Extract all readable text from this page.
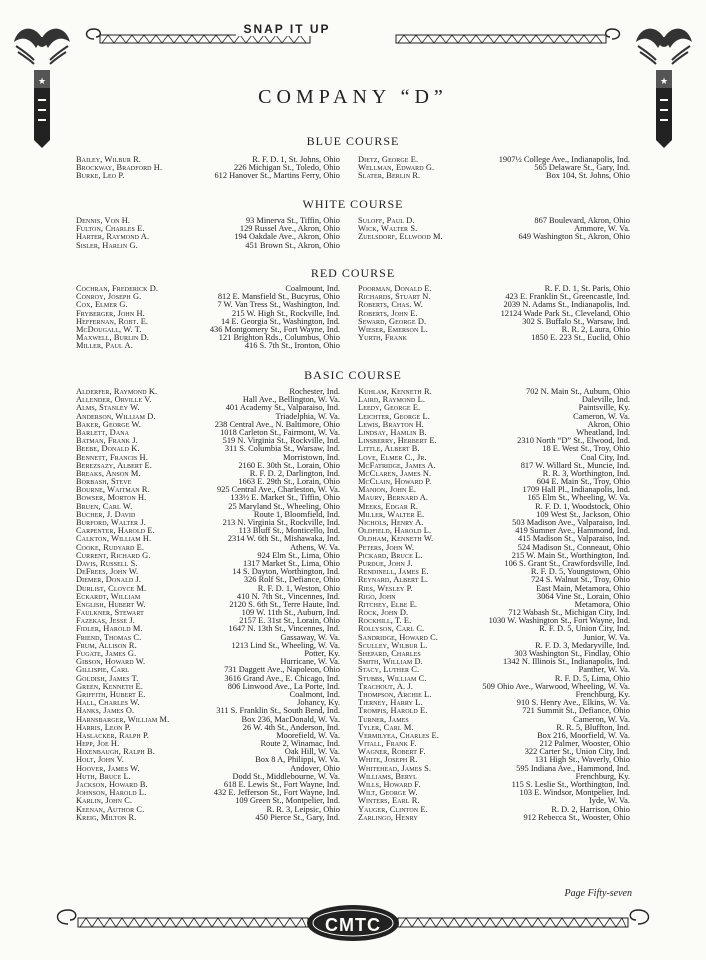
SNAP IT UP
★	★
COMPANY “D”
BLUE COURSE
WHITE COURSE
RED COURSE
BASIC COURSE
Bailey, Wilbur R.	R. F. D. 1, St. Johns, Ohio
Brockway, Bradford H.	226 Michigan St., Toledo, Ohio
Burke, Leo P.	612 Hanover St., Martins Ferry, Ohio
Dietz, George E.	1907½ College Ave., Indianapolis, Ind.
Wellman, Edward G.	565 Delaware St., Gary, Ind.
Slater, Berlin R.	Box 104, St. Johns, Ohio
Dennis, Von H.	93 Minerva St., Tiffin, Ohio
Fulton, Charles E.	129 Russel Ave., Akron, Ohio
Harter, Raymond A.	194 Oakdale Ave., Akron, Ohio
Sisler, Harlin G.	451 Brown St., Akron, Ohio
Suloff, Paul D.	867 Boulevard, Akron, Ohio
Wick, Walter S.	Ammore, W. Va.
Zuelsdorf, Ellwood M.	649 Washington St., Akron, Ohio
Cochran, Frederick D.	Coalmount, Ind.
Conroy, Joseph G.	812 E. Mansfield St., Bucyrus, Ohio
Cox, Elmer G.	7 W. Van Tress St., Washington, Ind.
Fryberger, John H.	215 W. High St., Rockville, Ind.
Heffernan, Robt. E.	14 E. Georgia St., Washington, Ind.
McDougall, W. T.	436 Montgomery St., Fort Wayne, Ind.
Maxwell, Burlin D.	121 Brighton Rds., Columbus, Ohio
Miller, Paul A.	416 S. 7th St., Ironton, Ohio
Poorman, Donald E.	R. F. D. 1, St. Paris, Ohio
Richards, Stuart N.	423 E. Franklin St., Greencastle, Ind.
Roberts, Chas. W.	2039 N. Adams St., Indianapolis, Ind.
Roberts, John E.	12124 Wade Park St., Cleveland, Ohio
Seward, George D.	302 S. Buffalo St., Warsaw, Ind.
Wieser, Emerson L.	R. R. 2, Laura, Ohio
Yurth, Frank	1850 E. 223 St., Euclid, Ohio
Alderfer, Raymond K.	Rochester, Ind.
Allender, Orville V.	Hall Ave., Bellington, W. Va.
Alms, Stanley W.	401 Academy St., Valparaiso, Ind.
Anderson, William D.	Triadelphia, W. Va.
Baker, George W.	238 Central Ave., N. Baltimore, Ohio
Barlett, Dana	1018 Carleton St., Fairmont, W. Va.
Batman, Frank J.	519 N. Virginia St., Rockville, Ind.
Beebe, Donald K.	311 S. Columbia St., Warsaw, Ind.
Bennett, Francis H.	Morristown, Ind.
Berezsazy, Albert E.	2160 E. 30th St., Lorain, Ohio
Breaks, Anson M.	R. F. D. 2, Darlington, Ind.
Borbash, Steve	1663 E. 29th St., Lorain, Ohio
Bourne, Waitman R.	925 Central Ave., Charleston, W. Va.
Bowser, Morton H.	133½ E. Market St., Tiffin, Ohio
Bruen, Carl W.	25 Maryland St., Wheeling, Ohio
Bucher, J. David	Route 1, Bloomfield, Ind.
Burford, Walter J.	213 N. Virginia St., Rockville, Ind.
Carpenter, Harold E.	113 Bluff St., Monticello, Ind.
Calkton, William H.	2314 W. 6th St., Mishawaka, Ind.
Cooke, Rudyard E.	Athens, W. Va.
Current, Richard G.	924 Elm St., Lima, Ohio
Davis, Russell S.	1317 Market St., Lima, Ohio
DeFrees, John W.	14 S. Dayton, Worthington, Ind.
Diemer, Donald J.	326 Rolf St., Defiance, Ohio
Durlist, Cloyce M.	R. F. D. 1, Weston, Ohio
Eckardt, William	410 N. 7th St., Vincennes, Ind.
English, Hubert W.	2120 S. 6th St., Terre Haute, Ind.
Faulkner, Stewart	109 W. 11th St., Auburn, Ind.
Fazekas, Jesse J.	2157 E. 31st St., Lorain, Ohio
Fidler, Harold M.	1647 N. 13th St., Vincennes, Ind.
Friend, Thomas C.	Gassaway, W. Va.
Frum, Allison R.	1213 Lind St., Wheeling, W. Va.
Fugate, James G.	Potter, Ky.
Gibson, Howard W.	Hurricane, W. Va.
Gillispie, Carl	731 Daggett Ave., Napoleon, Ohio
Goldish, James T.	3616 Grand Ave., E. Chicago, Ind.
Green, Kenneth E.	806 Linwood Ave., La Porte, Ind.
Griffith, Hubert E.	Coalmont, Ind.
Hall, Charles W.	Johancy, Ky.
Hanks, James O.	311 S. Franklin St., South Bend, Ind.
Harnsbarger, William M.	Box 236, MacDonald, W. Va.
Harris, Leon P.	26 W. 4th St., Anderson, Ind.
Haslacker, Ralph P.	Moorefield, W. Va.
Hepp, Joe H.	Route 2, Winamac, Ind.
Hixenbaugh, Ralph B.	Oak Hill, W. Va.
Holt, John V.	Box 8 A, Philippi, W. Va.
Hoover, James W.	Andover, Ohio
Huth, Bruce L.	Dodd St., Middlebourne, W. Va.
Jackson, Howard B.	618 E. Lewis St., Fort Wayne, Ind.
Johnson, Harold L.	432 E. Jefferson St., Fort Wayne, Ind.
Karlin, John C.	109 Green St., Montpelier, Ind.
Keenan, Author C.	R. R. 3, Leipsic, Ohio
Kreig, Milton R.	450 Pierce St., Gary, Ind.
Kuhlam, Kenneth R.	702 N. Main St., Auburn, Ohio
Laird, Raymond L.	Daleville, Ind.
Leedy, George E.	Paintsville, Ky.
Leichter, George L.	Cameron, W. Va.
Lewis, Brayton H.	Akron, Ohio
Lindsay, Hamlin B.	Wheatland, Ind.
Linsberry, Herbert E.	2310 North “D” St., Elwood, Ind.
Little, Albert B.	18 E. West St., Troy, Ohio
Love, Elmer C., Jr.	Coal City, Ind.
McFatridge, James A.	817 W. Willard St., Muncie, Ind.
McClaren, James N.	R. R. 3, Worthington, Ind.
McClain, Howard P.	604 E. Main St., Troy, Ohio
Manion, John E.	1709 Hall Pl., Indianapolis, Ind.
Maury, Bernard A.	165 Elm St., Wheeling, W. Va.
Meeks, Edgar R.	R. F. D. 1, Woodstock, Ohio
Miller, Walter E.	109 West St., Jackson, Ohio
Nichols, Henry A.	503 Madison Ave., Valparaiso, Ind.
Oldfield, Harold L.	419 Sumner Ave., Hammond, Ind.
Oldham, Kenneth W.	415 Madison St., Valparaiso, Ind.
Peters, John W.	524 Madison St., Conneaut, Ohio
Pickard, Bruce L.	215 W. Main St., Worthington, Ind.
Purdue, John J.	106 S. Grant St., Crawfordsville, Ind.
Rendinell, James E.	R. F. D. 5, Youngstown, Ohio
Reynard, Albert L.	724 S. Walnut St., Troy, Ohio
Ries, Wesley P.	East Main, Metamora, Ohio
Rigo, John	3064 Vine St., Lorain, Ohio
Ritchey, Elbe E.	Metamora, Ohio
Rock, John D.	712 Wabash St., Michigan City, Ind.
Rockhill, T. E.	1030 W. Washington St., Fort Wayne, Ind.
Rollyson, Carl C.	R. F. D. 5, Union City, Ind.
Sandridge, Howard C.	Junior, W. Va.
Sculley, Wilbur L.	R. F. D. 3, Medaryville, Ind.
Shepard, Charles	303 Washington St., Findlay, Ohio
Smith, William D.	1342 N. Illinois St., Indianapolis, Ind.
Stacy, Luther C.	Panther, W. Va.
Stubbs, William C.	R. F. D. 5, Lima, Ohio
Trachout, A. J.	509 Ohio Ave., Warwood, Wheeling, W. Va.
Thompson, Archie L.	Frenchburg, Ky.
Tierney, Harry L.	910 S. Henry Ave., Elkins, W. Va.
Trompis, Harold E.	721 Summit St., Defiance, Ohio
Turner, James	Cameron, W. Va.
Tyler, Carl M.	R. R. 5, Bluffton, Ind.
Vermilyea, Charles E.	Box 216, Moorfield, W. Va.
Vitall, Frank F.	212 Palmer, Wooster, Ohio
Wagner, Robert F.	322 Carter St., Union City, Ind.
White, Joseph R.	131 High St., Waverly, Ohio
Whitehead, James S.	595 Indiana Ave., Hammond, Ind.
Williams, Beryl	Frenchburg, Ky.
Wills, Howard F.	115 S. Leslie St., Worthington, Ind.
Wilt, George W.	103 E. Windsor, Montpelier, Ind.
Winters, Earl R.	Iyde, W. Va.
Yauger, Clinton E.	R. D. 2, Harrison, Ohio
Zarlingo, Henry	912 Rebecca St., Wooster, Ohio
Page Fifty-seven
CMTC
